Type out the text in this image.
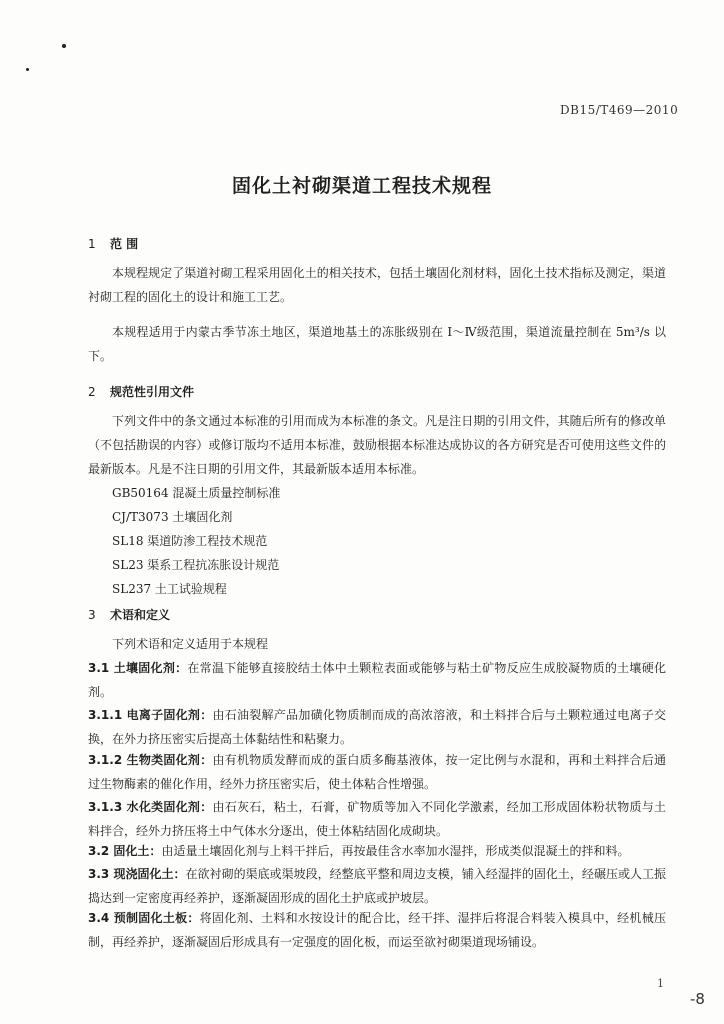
DB15/T469—2010
固化土衬砌渠道工程技术规程
1 范 围
本规程规定了渠道衬砌工程采用固化土的相关技术，包括土壤固化剂材料，固化土技术指标及测定，渠道衬砌工程的固化土的设计和施工工艺。
本规程适用于内蒙古季节冻土地区，渠道地基土的冻胀级别在 Ⅰ～Ⅳ级范围，渠道流量控制在 5m³/s 以下。
2 规范性引用文件
下列文件中的条文通过本标准的引用而成为本标准的条文。凡是注日期的引用文件，其随后所有的修改单（不包括勘误的内容）或修订版均不适用本标准，鼓励根据本标准达成协议的各方研究是否可使用这些文件的最新版本。凡是不注日期的引用文件，其最新版本适用本标准。
GB50164 混凝土质量控制标准
CJ/T3073 土壤固化剂
SL18 渠道防渗工程技术规范
SL23 渠系工程抗冻胀设计规范
SL237 土工试验规程
3 术语和定义
下列术语和定义适用于本规程
3.1 土壤固化剂：在常温下能够直接胶结土体中土颗粒表面或能够与粘土矿物反应生成胶凝物质的土壤硬化剂。
3.1.1 电离子固化剂：由石油裂解产品加磺化物质制而成的高浓溶液，和土料拌合后与土颗粒通过电离子交换，在外力挤压密实后提高土体黏结性和粘聚力。
3.1.2 生物类固化剂：由有机物质发酵而成的蛋白质多酶基液体，按一定比例与水混和，再和土料拌合后通过生物酶素的催化作用，经外力挤压密实后，使土体粘合性增强。
3.1.3 水化类固化剂：由石灰石，粘土，石膏，矿物质等加入不同化学激素，经加工形成固体粉状物质与土料拌合，经外力挤压将土中气体水分逐出，使土体粘结固化成砌块。
3.2 固化土：由适量土壤固化剂与上料干拌后，再按最佳含水率加水湿拌，形成类似混凝土的拌和料。
3.3 现浇固化土：在欲衬砌的渠底或渠坡段，经整底平整和周边支模，铺入经湿拌的固化土，经碾压或人工振捣达到一定密度再经养护，逐渐凝固形成的固化土护底或护坡层。
3.4 预制固化土板：将固化剂、土料和水按设计的配合比，经干拌、湿拌后将混合料装入模具中，经机械压制，再经养护，逐渐凝固后形成具有一定强度的固化板，而运至欲衬砌渠道现场铺设。
1
-8
